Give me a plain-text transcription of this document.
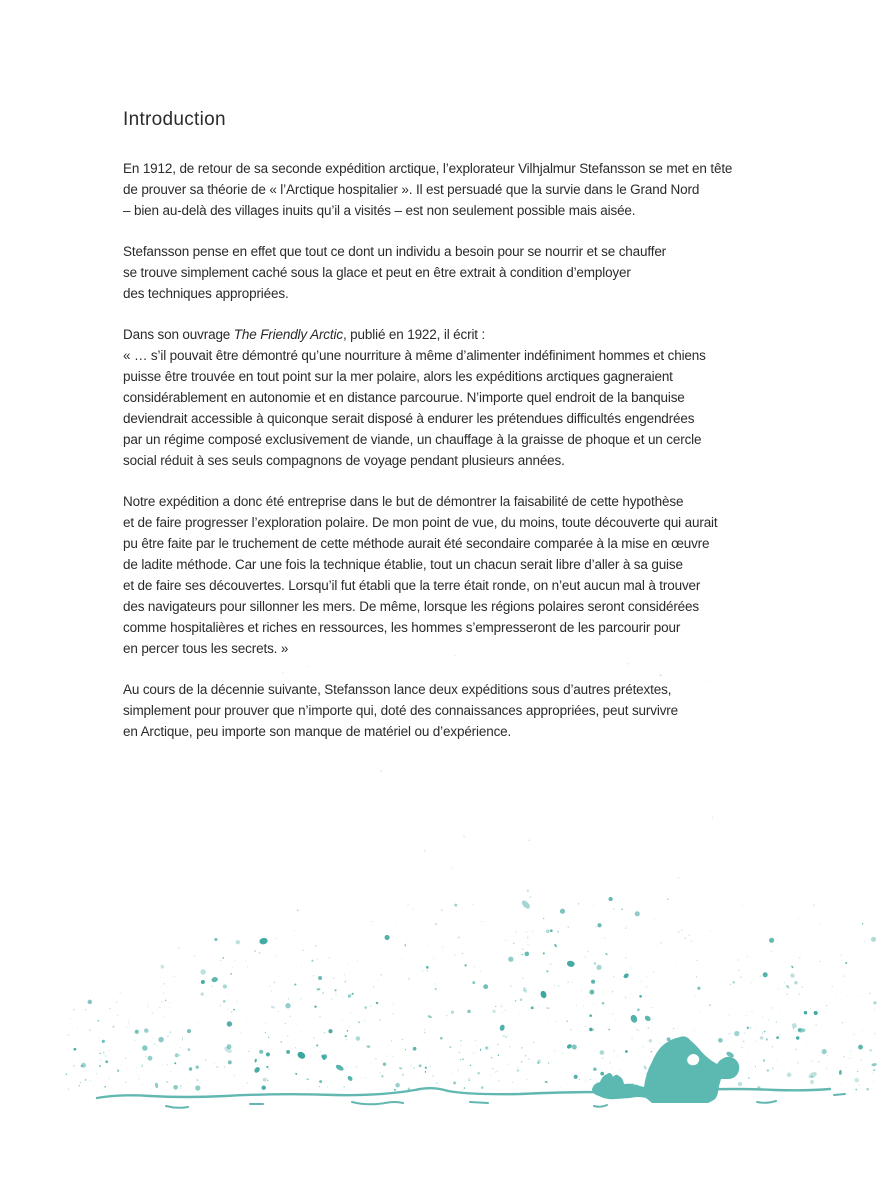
Introduction
En 1912, de retour de sa seconde expédition arctique, l’explorateur Vilhjalmur Stefansson se met en tête
de prouver sa théorie de « l’Arctique hospitalier ». Il est persuadé que la survie dans le Grand Nord
– bien au-delà des villages inuits qu’il a visités – est non seulement possible mais aisée.
Stefansson pense en effet que tout ce dont un individu a besoin pour se nourrir et se chauffer
se trouve simplement caché sous la glace et peut en être extrait à condition d’employer
des techniques appropriées.
Dans son ouvrage The Friendly Arctic, publié en 1922, il écrit :
« … s’il pouvait être démontré qu’une nourriture à même d’alimenter indéfiniment hommes et chiens
puisse être trouvée en tout point sur la mer polaire, alors les expéditions arctiques gagneraient
considérablement en autonomie et en distance parcourue. N’importe quel endroit de la banquise
deviendrait accessible à quiconque serait disposé à endurer les prétendues difficultés engendrées
par un régime composé exclusivement de viande, un chauffage à la graisse de phoque et un cercle
social réduit à ses seuls compagnons de voyage pendant plusieurs années.
Notre expédition a donc été entreprise dans le but de démontrer la faisabilité de cette hypothèse
et de faire progresser l’exploration polaire. De mon point de vue, du moins, toute découverte qui aurait
pu être faite par le truchement de cette méthode aurait été secondaire comparée à la mise en œuvre
de ladite méthode. Car une fois la technique établie, tout un chacun serait libre d’aller à sa guise
et de faire ses découvertes. Lorsqu’il fut établi que la terre était ronde, on n’eut aucun mal à trouver
des navigateurs pour sillonner les mers. De même, lorsque les régions polaires seront considérées
comme hospitalières et riches en ressources, les hommes s’empresseront de les parcourir pour
en percer tous les secrets. »
Au cours de la décennie suivante, Stefansson lance deux expéditions sous d’autres prétextes,
simplement pour prouver que n’importe qui, doté des connaissances appropriées, peut survivre
en Arctique, peu importe son manque de matériel ou d’expérience.
